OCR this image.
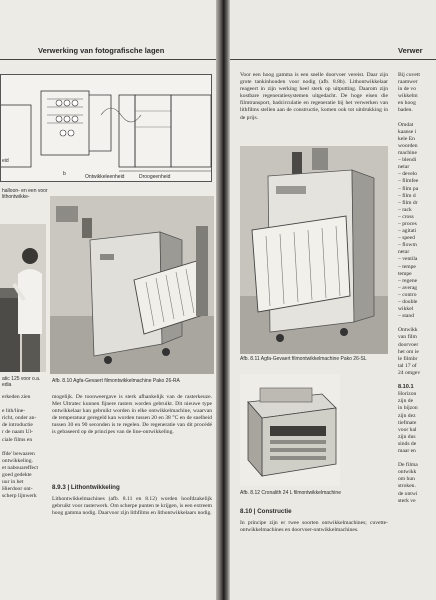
Verwerking van fotografische lagen
eid
b	Ontwikkeleenheid	Droogeenheid
halloon- en een voor lithontwikke-
atic 125 voor o.a. edia
Afb. 8.10 Agfa-Gevaert filmontwikkelmachine Pako 26-RA
erkeden zien

e lith/line-
richt, onder an-
de introductie
r de naam Ul-
ciale films en

ffde' bewaaren
ontwikkeling.
et nabouareffect
goed gedekte
uur in het
Hierdoor ont-
scherp lijnwerk
mogelijk. De toonweergave is sterk afhankelijk van de rasterkeuze. Met Ultratec kunnen fijnere rasters worden gebruikt. Dit nieuwe type ontwikkelaar kan gebruikt worden in elke ontwikkelmachine, waarvan de temperatuur geregeld kan worden tussen 20 en 38 °C en de snelheid tussen 30 en 90 seconden is te regelen. De regeneratie van dit procédé is gebaseerd op de principes van de line-ontwikkeling.
8.9.3 | Lithontwikkeling
Lithontwikkelmachines (afb. 8.11 en 8.12) worden hoofdzakelijk gebruikt voor rasterwerk. Om scherpe punten te krijgen, is een extreem hoog gamma nodig. Daarvoor zijn lithfilms en lithontwikkelaars nodig.
Verwer
Voor een hoog gamma is een snelle doorvoer vereist. Daar zijn grote tankinhouden voor nodig (afb. 8.8b). Lithontwikkelaar reageert in zijn werking heel sterk op uitputting. Daarom zijn kostbare regeneratiesystemen uitgedacht. De hoge eisen die filmtransport, badcirculatie en regeneratie bij het verwerken van lithfilms stellen aan de constructie, komen ook tot uitdrukking in de prijs.
Afb. 8.11 Agfa-Gevaert filmontwikkelmachine Pako 26-SL
Afb. 8.12 Cronalith 24 L filmontwikkelmachine
8.10 | Constructie
In principe zijn er twee soorten ontwikkelmachines; cuvette-ontwikkelmachines en doorvoer-ontwikkelmachines.
Bij cuvett
raamwer
in de vo
wikkelm
en hoog
baden.

Omdat
kaanse i
kele En
woorden
machine
– blendi
netar
– develo
– filmfee
– film pa
– film d
– film dr
– rack
– cross
– proces
– agitati
– speed
– flowm
netar
– ventila
– tempe
tempe
– regene
– averag
– contro
– double
wikkel
– stand

Ontwikk
van film
doorvoer
het om ie
le filmbr
tal 17 of
24 omgev

8.10.1
Horizon
zijn de
in bijzon
zijn dez
tiefmate
voor hal
zijn dus
sinds de
maar en

De filma
ontwikk
om hun
stroken.
de ontwi
sterk ve
